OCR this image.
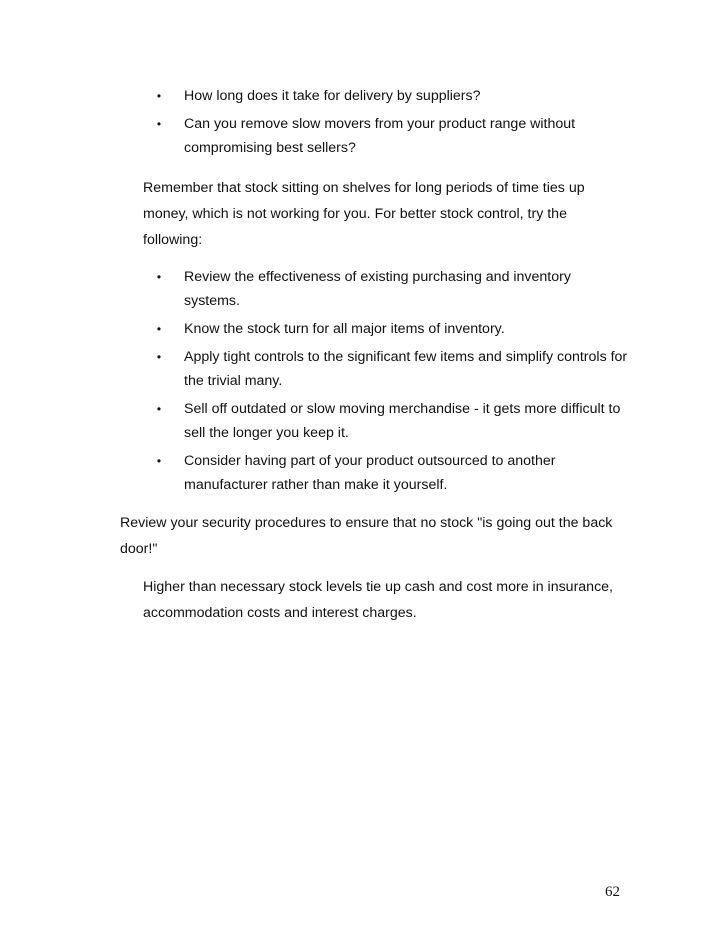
•	How long does it take for delivery by suppliers?
•	Can you remove slow movers from your product range without compromising best sellers?

Remember that stock sitting on shelves for long periods of time ties up money, which is not working for you. For better stock control, try the following:

•	Review the effectiveness of existing purchasing and inventory systems.
•	Know the stock turn for all major items of inventory.
•	Apply tight controls to the significant few items and simplify controls for the trivial many.
•	Sell off outdated or slow moving merchandise - it gets more difficult to sell the longer you keep it.
•	Consider having part of your product outsourced to another manufacturer rather than make it yourself.

Review your security procedures to ensure that no stock "is going out the back door!"

Higher than necessary stock levels tie up cash and cost more in insurance, accommodation costs and interest charges.

62
